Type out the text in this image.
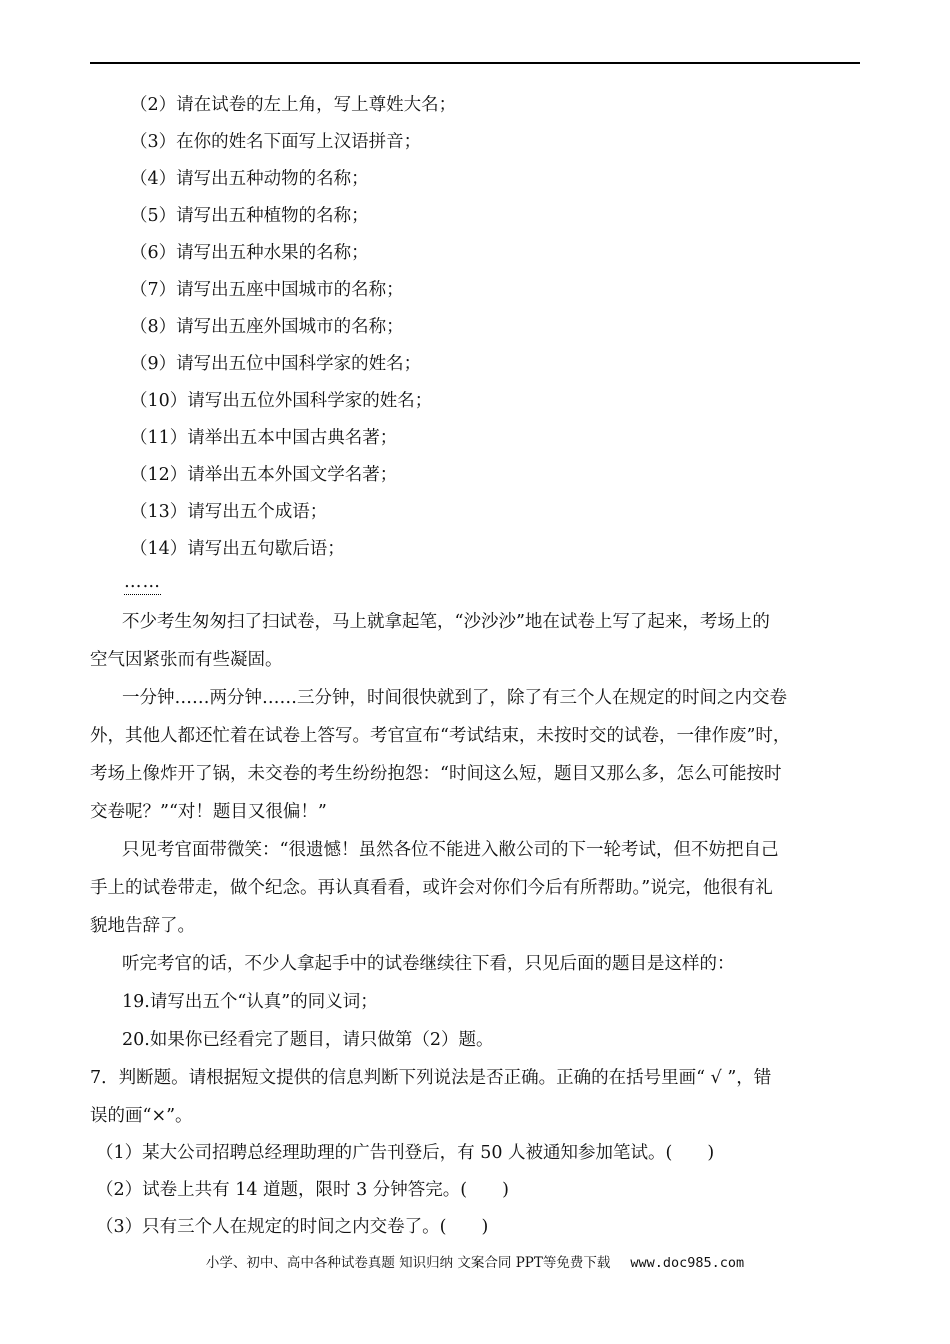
（2）请在试卷的左上角，写上尊姓大名；
（3）在你的姓名下面写上汉语拼音；
（4）请写出五种动物的名称；
（5）请写出五种植物的名称；
（6）请写出五种水果的名称；
（7）请写出五座中国城市的名称；
（8）请写出五座外国城市的名称；
（9）请写出五位中国科学家的姓名；
（10）请写出五位外国科学家的姓名；
（11）请举出五本中国古典名著；
（12）请举出五本外国文学名著；
（13）请写出五个成语；
（14）请写出五句歇后语；
……
不少考生匆匆扫了扫试卷，马上就拿起笔，“沙沙沙”地在试卷上写了起来，考场上的
空气因紧张而有些凝固。
一分钟……两分钟……三分钟，时间很快就到了，除了有三个人在规定的时间之内交卷
外，其他人都还忙着在试卷上答写。考官宣布“考试结束，未按时交的试卷，一律作废”时，
考场上像炸开了锅，未交卷的考生纷纷抱怨：“时间这么短，题目又那么多，怎么可能按时
交卷呢？”“对！题目又很偏！”
只见考官面带微笑：“很遗憾！虽然各位不能进入敝公司的下一轮考试，但不妨把自己
手上的试卷带走，做个纪念。再认真看看，或许会对你们今后有所帮助。”说完，他很有礼
貌地告辞了。
听完考官的话，不少人拿起手中的试卷继续往下看，只见后面的题目是这样的：
19.请写出五个“认真”的同义词；
20.如果你已经看完了题目，请只做第（2）题。
7．判断题。请根据短文提供的信息判断下列说法是否正确。正确的在括号里画“ √ ”，错
误的画“×”。
（1）某大公司招聘总经理助理的广告刊登后，有 50 人被通知参加笔试。(　　)
（2）试卷上共有 14 道题，限时 3 分钟答完。(　　)
（3）只有三个人在规定的时间之内交卷了。(　　)
小学、初中、高中各种试卷真题 知识归纳 文案合同 PPT等免费下载 www.doc985.com
